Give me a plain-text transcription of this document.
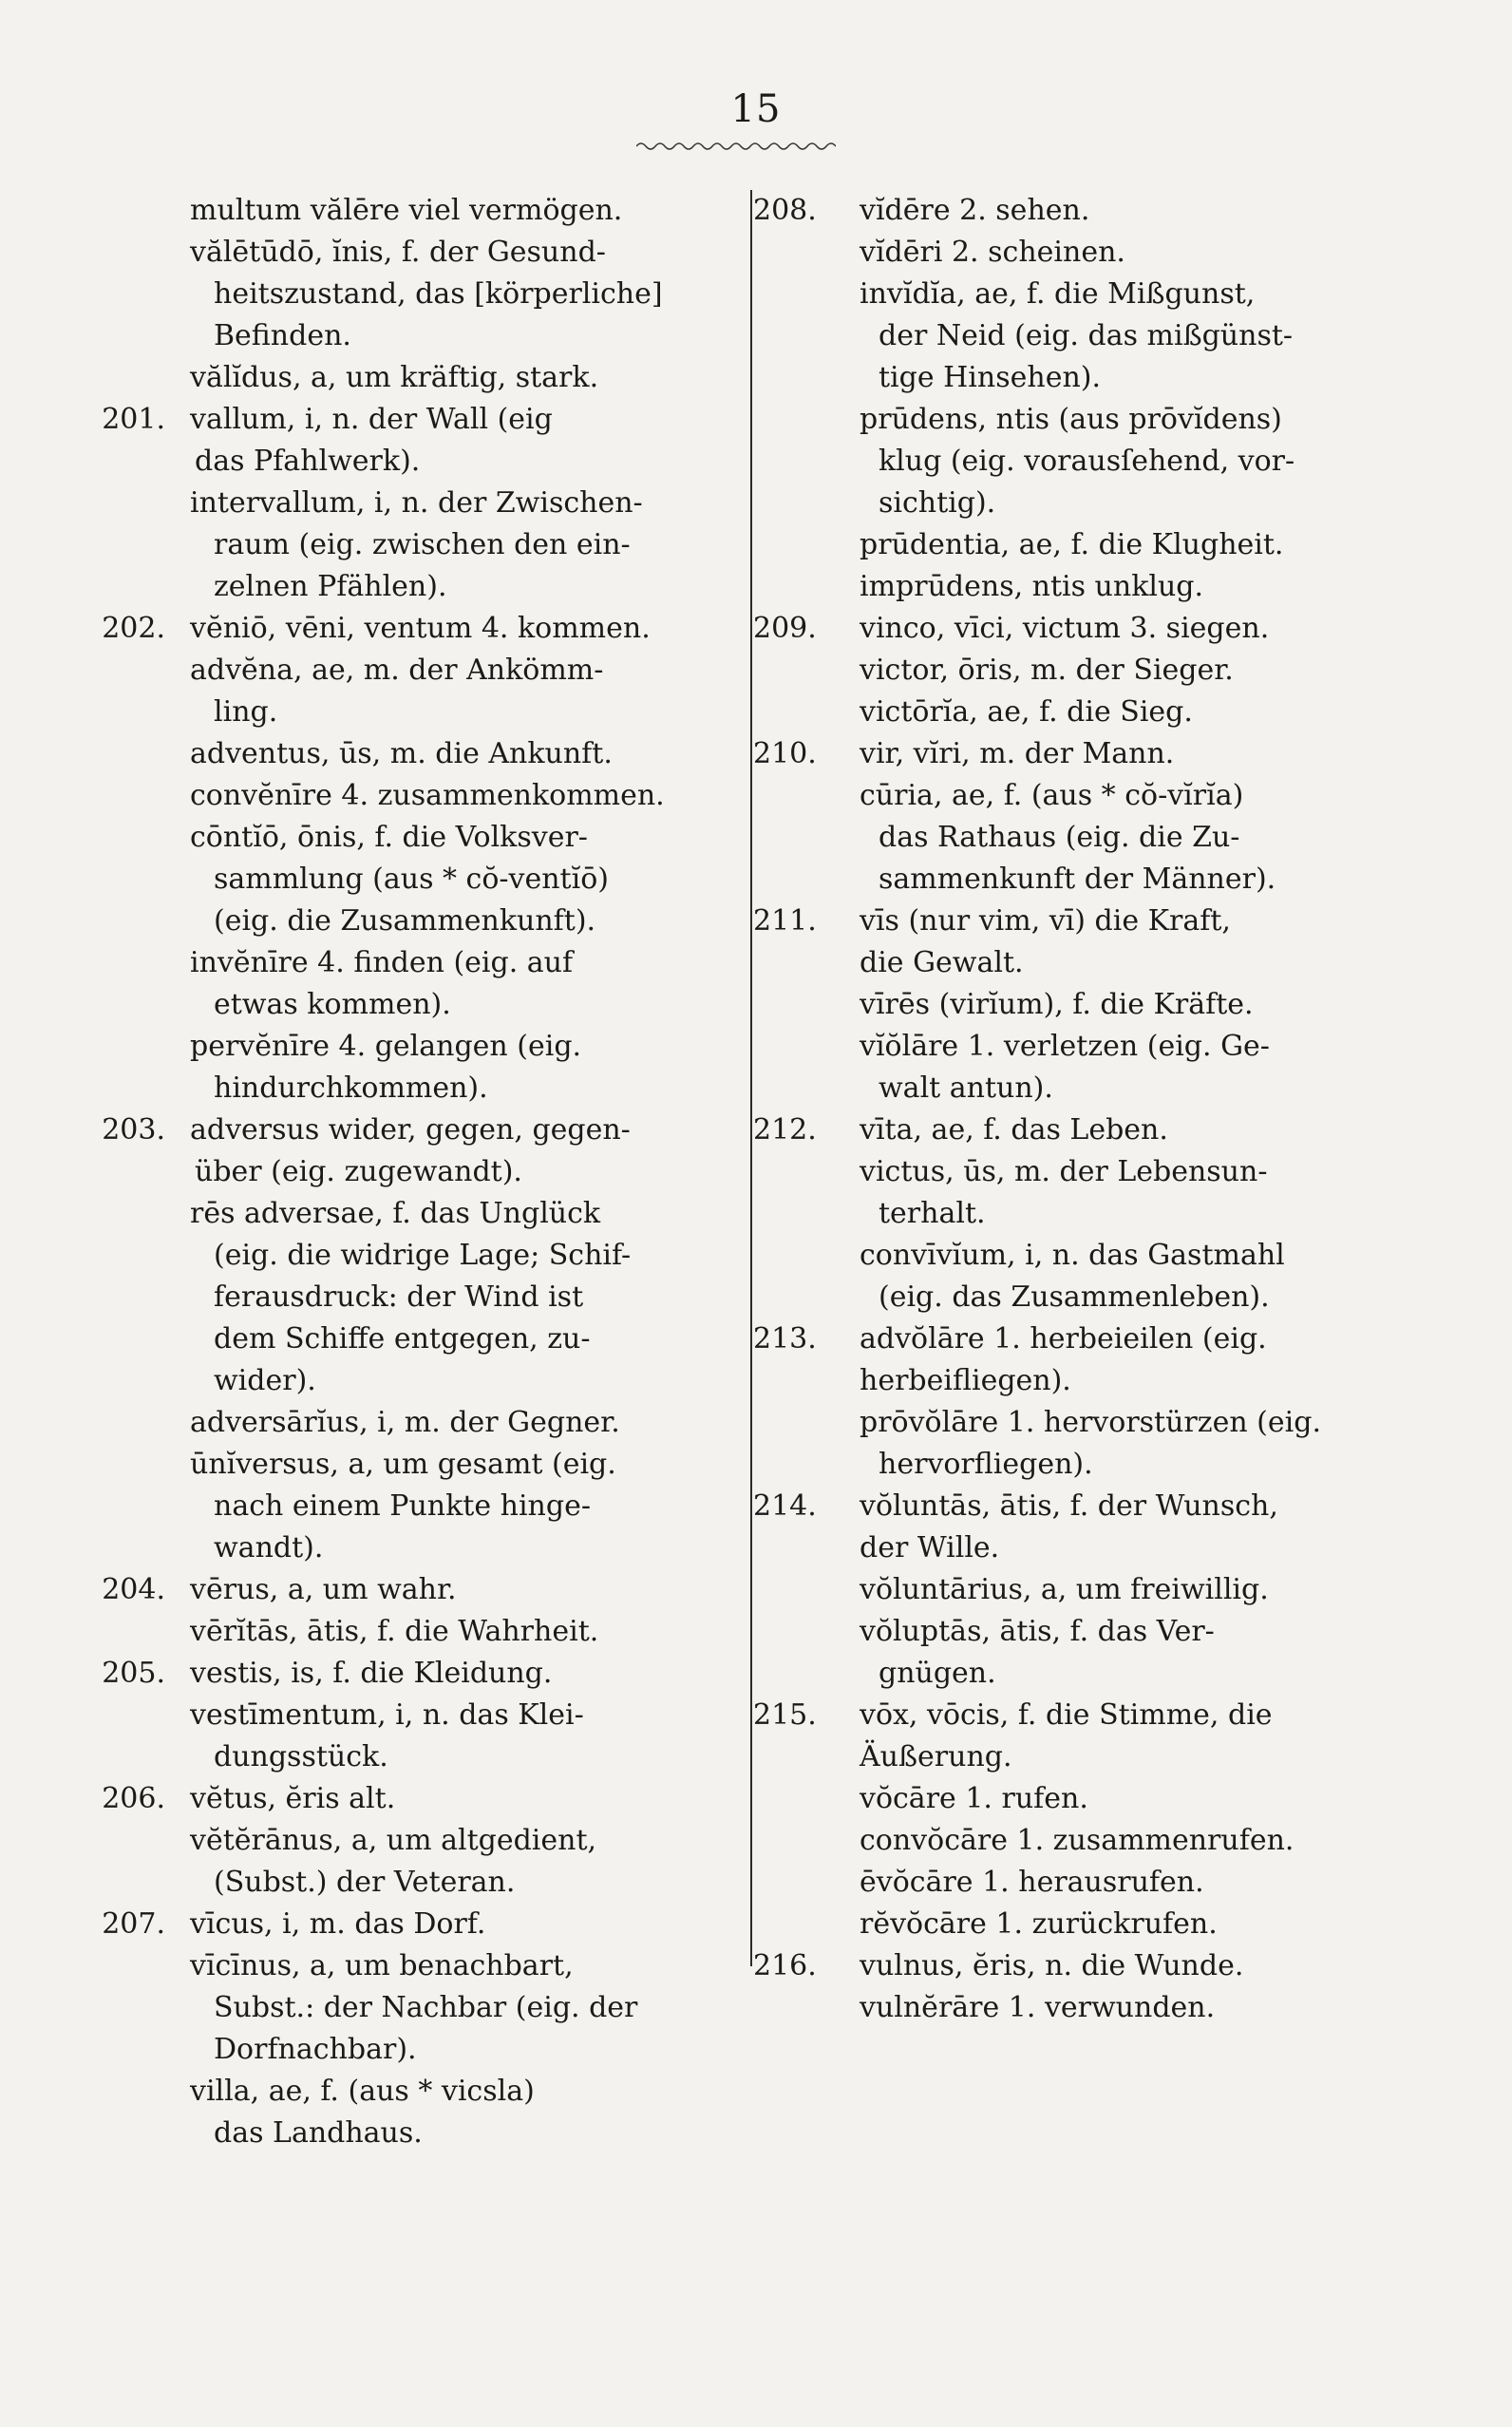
15
multum vălēre viel vermögen.
vălētūdō, ĭnis, f. der Gesund-
heitszustand, das [körperliche]
Befinden.
vălĭdus, a, um kräftig, stark.
201. vallum, i, n. der Wall (eig
das Pfahlwerk).
intervallum, i, n. der Zwischen-
raum (eig. zwischen den ein-
zelnen Pfählen).
202. vĕniō, vēni, ventum 4. kommen.
advĕna, ae, m. der Ankömm-
ling.
adventus, ūs, m. die Ankunft.
convĕnīre 4. zusammenkommen.
cōntĭō, ōnis, f. die Volksver-
sammlung (aus * cŏ-ventĭō)
(eig. die Zusammenkunft).
invĕnīre 4. finden (eig. auf
etwas kommen).
pervĕnīre 4. gelangen (eig.
hindurchkommen).
203. adversus wider, gegen, gegen-
über (eig. zugewandt).
rēs adversae, f. das Unglück
(eig. die widrige Lage; Schif-
ferausdruck: der Wind ist
dem Schiffe entgegen, zu-
wider).
adversārĭus, i, m. der Gegner.
ūnĭversus, a, um gesamt (eig.
nach einem Punkte hinge-
wandt).
204. vērus, a, um wahr.
vērĭtās, ātis, f. die Wahrheit.
205. vestis, is, f. die Kleidung.
vestīmentum, i, n. das Klei-
dungsstück.
206. vĕtus, ĕris alt.
vĕtĕrānus, a, um altgedient,
(Subst.) der Veteran.
207. vīcus, i, m. das Dorf.
vīcīnus, a, um benachbart,
Subst.: der Nachbar (eig. der
Dorfnachbar).
villa, ae, f. (aus * vicsla)
das Landhaus.
208.	vĭdēre 2. sehen.
vĭdēri 2. scheinen.
invĭdĭa, ae, f. die Mißgunst,
der Neid (eig. das mißgünst-
tige Hinsehen).
prūdens, ntis (aus prōvĭdens)
klug (eig. vorausſehend, vor-
sichtig).
prūdentia, ae, f. die Klugheit.
imprūdens, ntis unklug.
209.	vinco, vīci, victum 3. siegen.
victor, ōris, m. der Sieger.
victōrĭa, ae, f. die Sieg.
210.	vir, vĭri, m. der Mann.
cūria, ae, f. (aus * cŏ-vĭrĭa)
das Rathaus (eig. die Zu-
sammenkunft der Männer).
211.	vīs (nur vim, vī) die Kraft,
die Gewalt.
vīrēs (virĭum), f. die Kräfte.
vĭŏlāre 1. verletzen (eig. Ge-
walt antun).
212.	vīta, ae, f. das Leben.
victus, ūs, m. der Lebensun-
terhalt.
convīvĭum, i, n. das Gastmahl
(eig. das Zusammenleben).
213.	advŏlāre 1. herbeieilen (eig.
herbeifliegen).
prōvŏlāre 1. hervorstürzen (eig.
hervorfliegen).
214.	vŏluntās, ātis, f. der Wunsch,
der Wille.
vŏluntārius, a, um freiwillig.
vŏluptās, ātis, f. das Ver-
gnügen.
215.	vōx, vōcis, f. die Stimme, die
Äußerung.
vŏcāre 1. rufen.
convŏcāre 1. zusammenrufen.
ēvŏcāre 1. herausrufen.
rĕvŏcāre 1. zurückrufen.
216.	vulnus, ĕris, n. die Wunde.
vulnĕrāre 1. verwunden.
